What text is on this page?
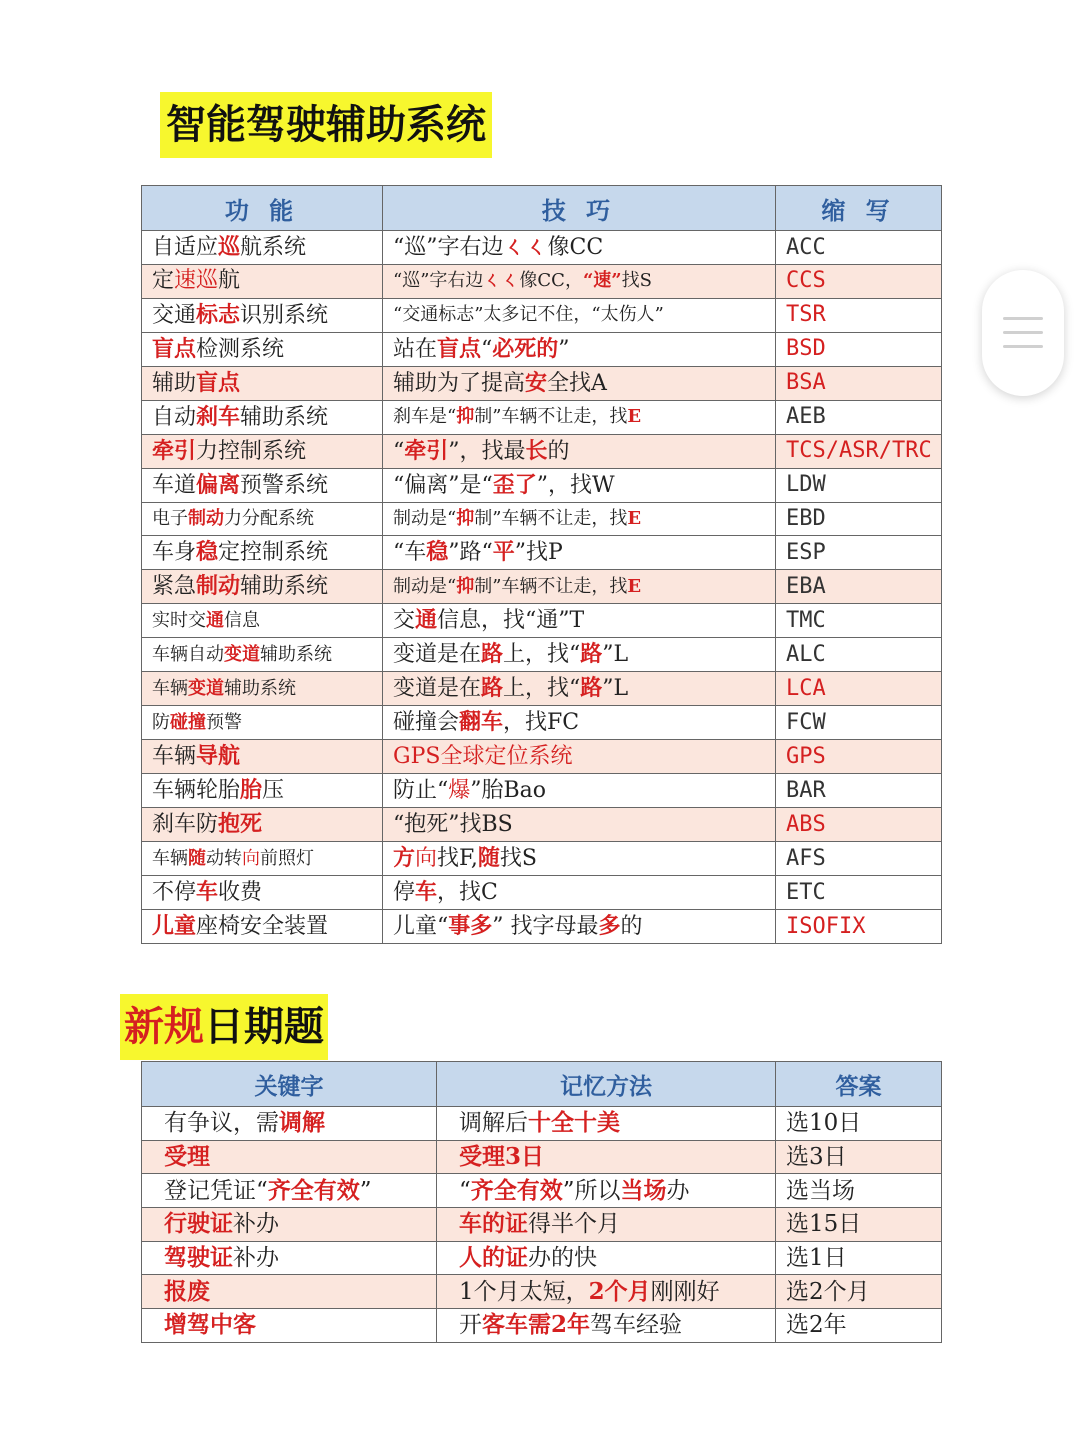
智能驾驶辅助系统
功 能	技 巧	缩 写
自适应巡航系统	“巡”字右边ㄑㄑ像CC	ACC
定速巡航	“巡”字右边ㄑㄑ像CC，“速”找S	CCS
交通标志识别系统	“交通标志”太多记不住，“太伤人”	TSR
盲点检测系统	站在盲点“必死的”	BSD
辅助盲点	辅助为了提高安全找A	BSA
自动刹车辅助系统	刹车是“抑制”车辆不让走，找E	AEB
牵引力控制系统	“牵引”，找最长的	TCS/ASR/TRC
车道偏离预警系统	“偏离”是“歪了”，找W	LDW
电子制动力分配系统	制动是“抑制”车辆不让走，找E	EBD
车身稳定控制系统	“车稳”路“平”找P	ESP
紧急制动辅助系统	制动是“抑制”车辆不让走，找E	EBA
实时交通信息	交通信息，找“通”T	TMC
车辆自动变道辅助系统	变道是在路上，找“路”L	ALC
车辆变道辅助系统	变道是在路上，找“路”L	LCA
防碰撞预警	碰撞会翻车，找FC	FCW
车辆导航	GPS全球定位系统	GPS
车辆轮胎胎压	防止“爆”胎Bao	BAR
刹车防抱死	“抱死”找BS	ABS
车辆随动转向前照灯	方向找F,随找S	AFS
不停车收费	停车，找C	ETC
儿童座椅安全装置	儿童“事多” 找字母最多的	ISOFIX
新规日期题
关键字	记忆方法	答案
有争议，需调解	调解后十全十美	选10日
受理	受理3日	选3日
登记凭证“齐全有效”	“齐全有效”所以当场办	选当场
行驶证补办	车的证得半个月	选15日
驾驶证补办	人的证办的快	选1日
报废	1个月太短，2个月刚刚好	选2个月
增驾中客	开客车需2年驾车经验	选2年
